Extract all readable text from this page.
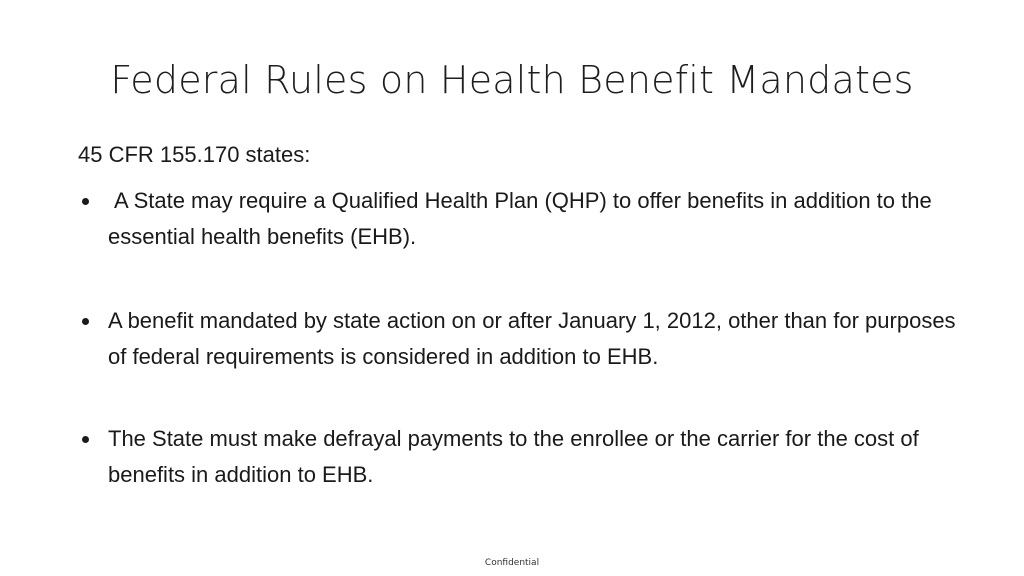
Federal Rules on Health Benefit Mandates
45 CFR 155.170 states:
A State may require a Qualified Health Plan (QHP) to offer benefits in addition to the essential health benefits (EHB).
A benefit mandated by state action on or after January 1, 2012, other than for purposes of federal requirements is considered in addition to EHB.
The State must make defrayal payments to the enrollee or the carrier for the cost of benefits in addition to EHB.
Confidential
